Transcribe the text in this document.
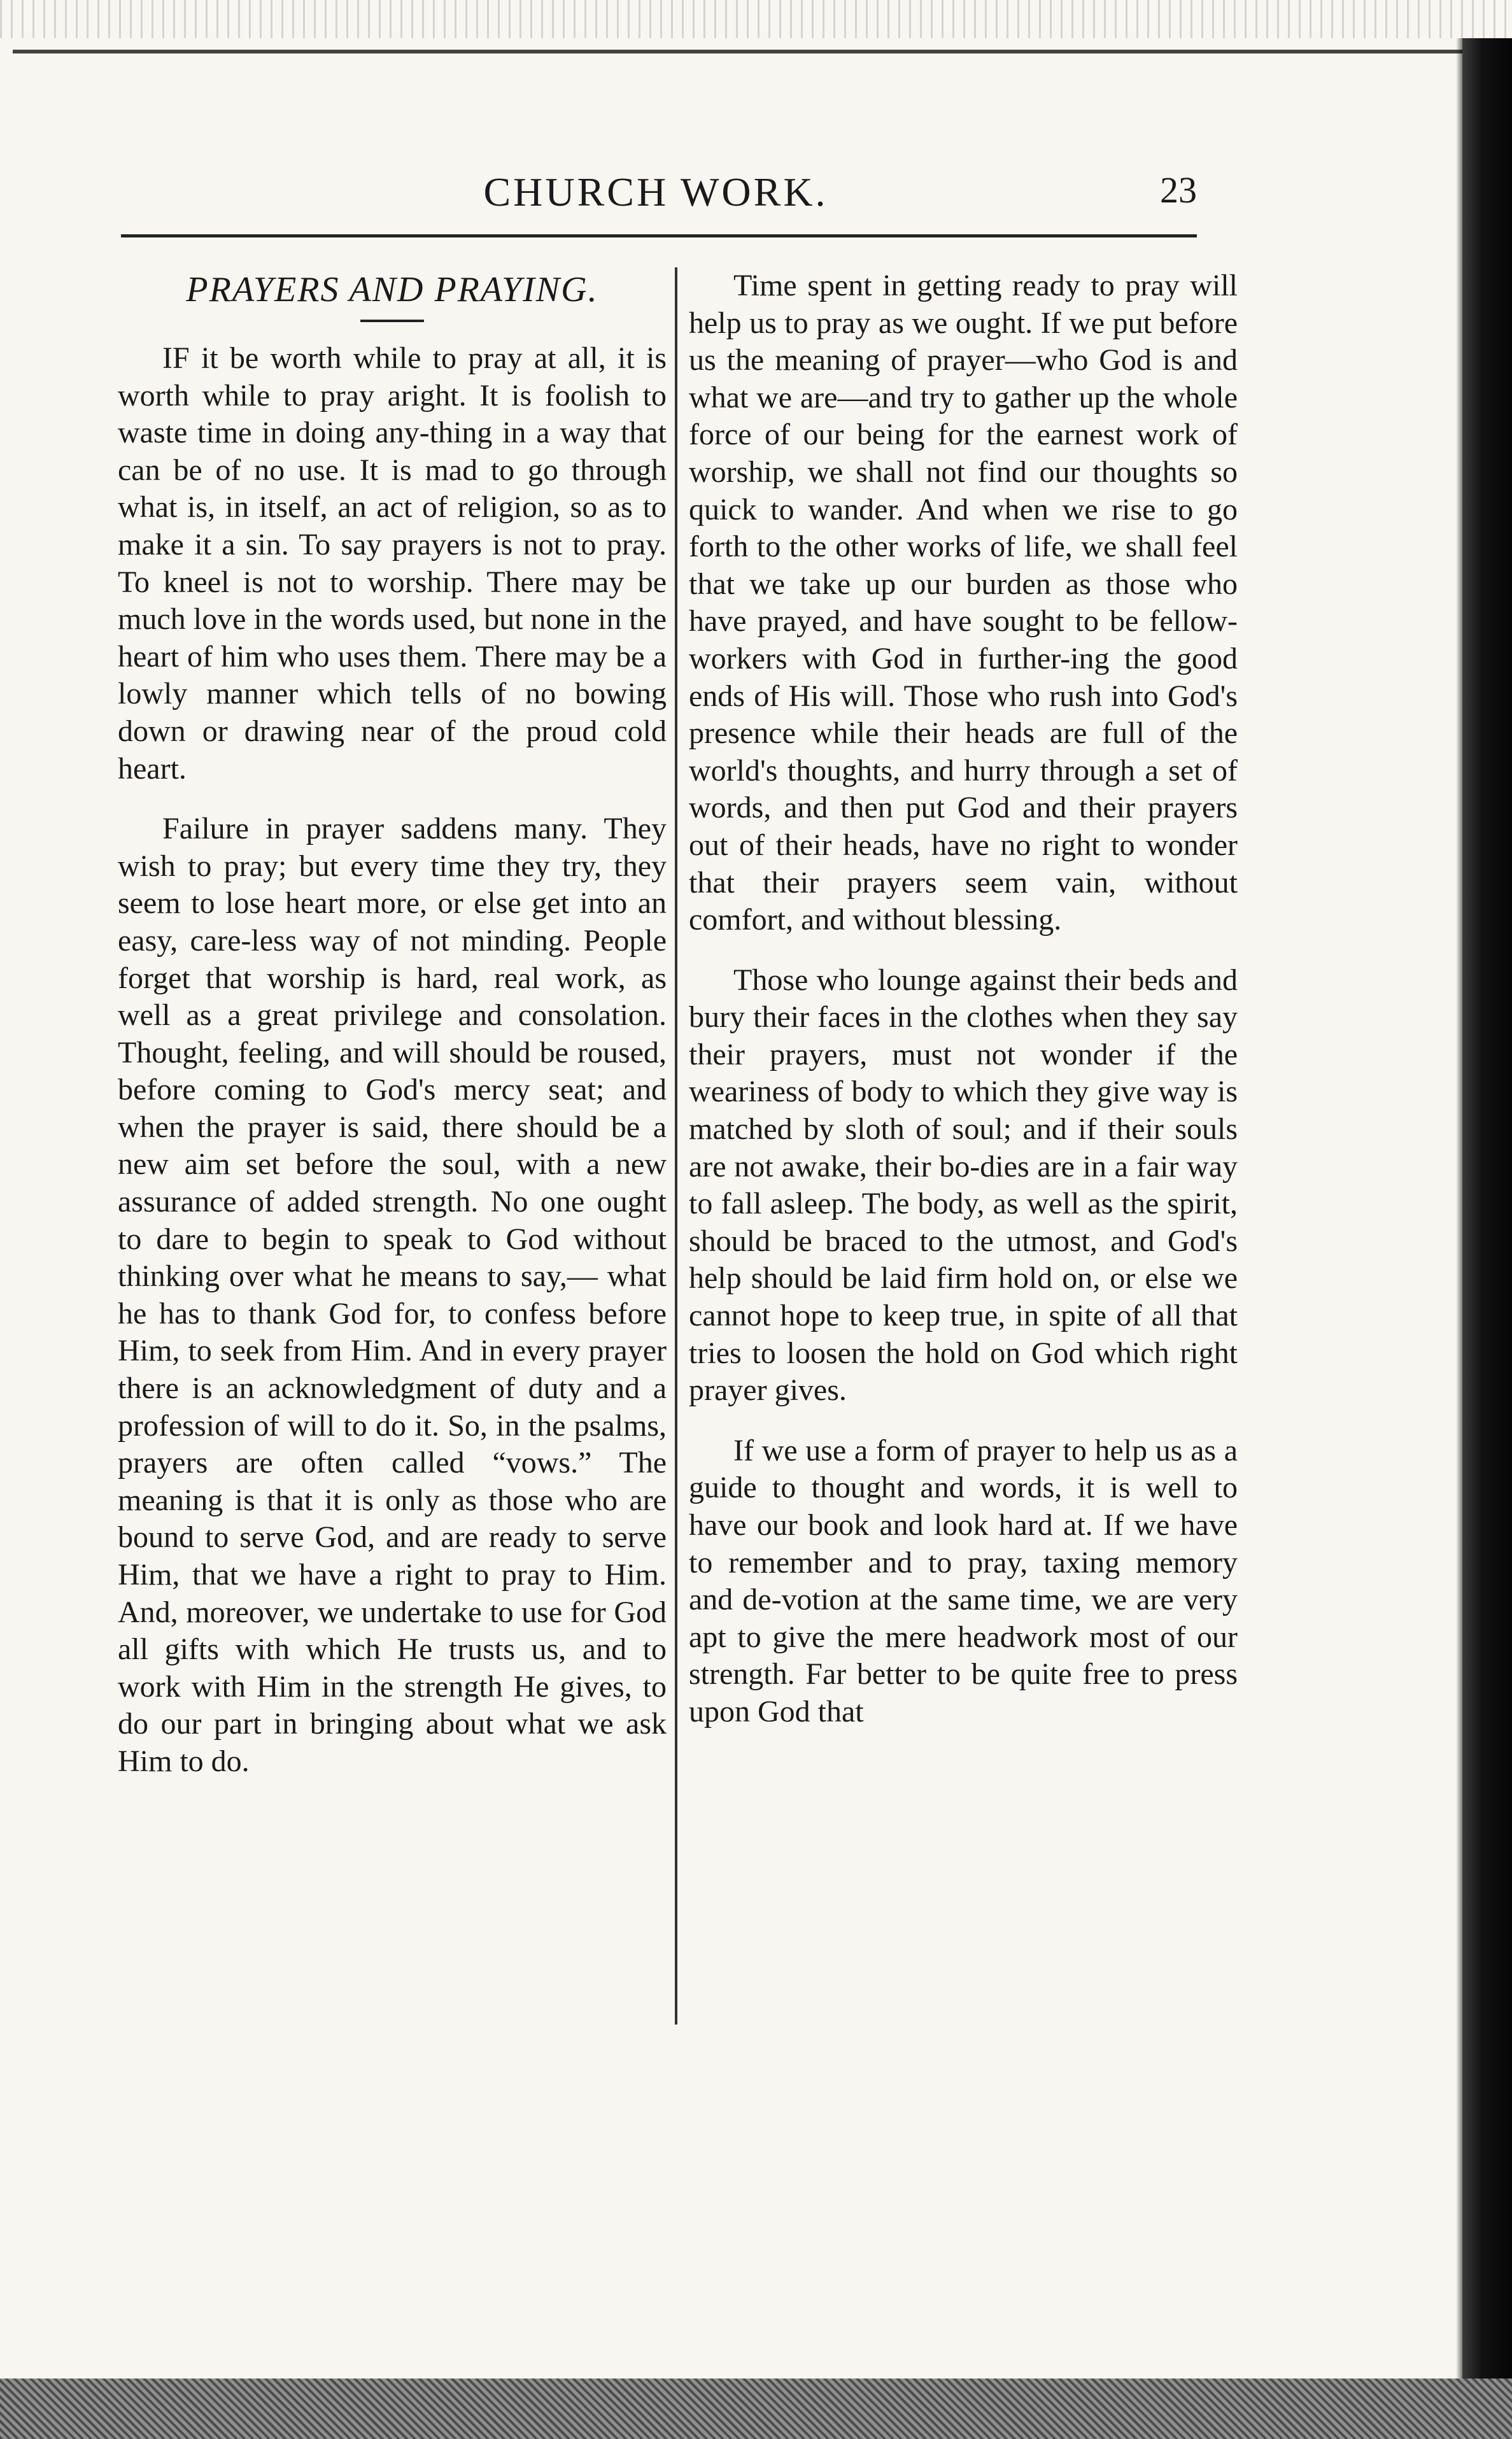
CHURCH WORK.	23
PRAYERS AND PRAYING.

IF it be worth while to pray at all, it is worth while to pray aright. It is foolish to waste time in doing any-thing in a way that can be of no use. It is mad to go through what is, in itself, an act of religion, so as to make it a sin. To say prayers is not to pray. To kneel is not to worship. There may be much love in the words used, but none in the heart of him who uses them. There may be a lowly manner which tells of no bowing down or drawing near of the proud cold heart.

Failure in prayer saddens many. They wish to pray; but every time they try, they seem to lose heart more, or else get into an easy, care-less way of not minding. People forget that worship is hard, real work, as well as a great privilege and consolation. Thought, feeling, and will should be roused, before coming to God's mercy seat; and when the prayer is said, there should be a new aim set before the soul, with a new assurance of added strength. No one ought to dare to begin to speak to God without thinking over what he means to say,— what he has to thank God for, to confess before Him, to seek from Him. And in every prayer there is an acknowledgment of duty and a profession of will to do it. So, in the psalms, prayers are often called “vows.” The meaning is that it is only as those who are bound to serve God, and are ready to serve Him, that we have a right to pray to Him. And, moreover, we undertake to use for God all gifts with which He trusts us, and to work with Him in the strength He gives, to do our part in bringing about what we ask Him to do.

Time spent in getting ready to pray will help us to pray as we ought. If we put before us the meaning of prayer—who God is and what we are—and try to gather up the whole force of our being for the earnest work of worship, we shall not find our thoughts so quick to wander. And when we rise to go forth to the other works of life, we shall feel that we take up our burden as those who have prayed, and have sought to be fellow-workers with God in further-ing the good ends of His will. Those who rush into God's presence while their heads are full of the world's thoughts, and hurry through a set of words, and then put God and their prayers out of their heads, have no right to wonder that their prayers seem vain, without comfort, and without blessing.

Those who lounge against their beds and bury their faces in the clothes when they say their prayers, must not wonder if the weariness of body to which they give way is matched by sloth of soul; and if their souls are not awake, their bo-dies are in a fair way to fall asleep. The body, as well as the spirit, should be braced to the utmost, and God's help should be laid firm hold on, or else we cannot hope to keep true, in spite of all that tries to loosen the hold on God which right prayer gives.

If we use a form of prayer to help us as a guide to thought and words, it is well to have our book and look hard at. If we have to remember and to pray, taxing memory and de-votion at the same time, we are very apt to give the mere headwork most of our strength. Far better to be quite free to press upon God that
